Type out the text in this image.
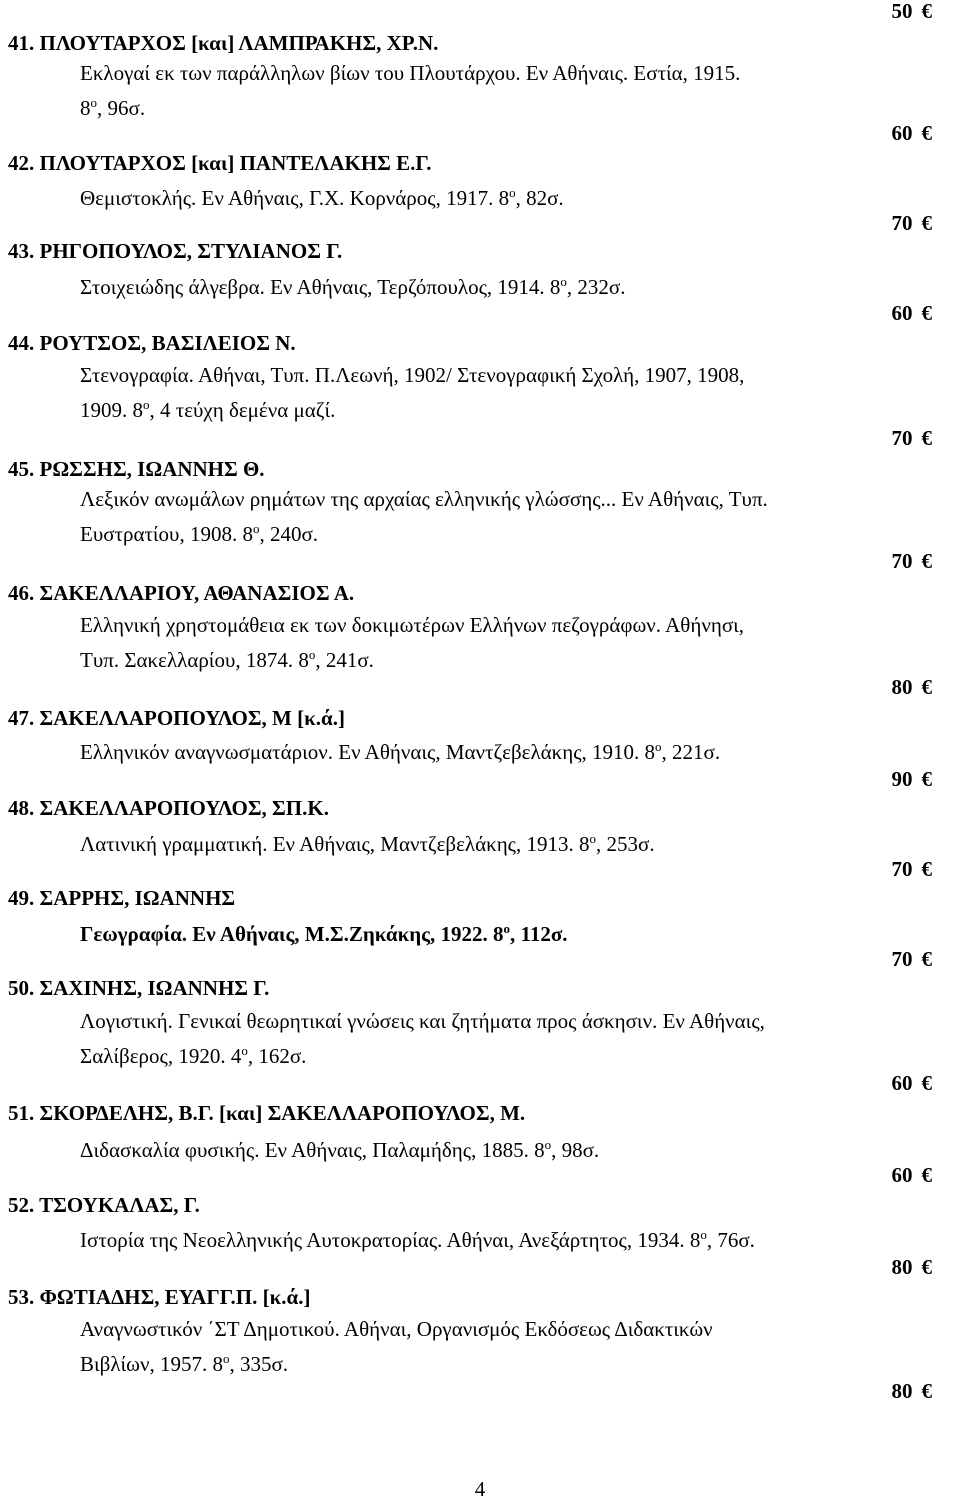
50 €
41. ΠΛΟΥΤΑΡΧΟΣ [και] ΛΑΜΠΡΑΚΗΣ, ΧΡ.Ν.
Εκλογαί εκ των παράλληλων βίων του Πλουτάρχου. Εν Αθήναις. Εστία, 1915.
$8^o$, 96σ.
60 €
42. ΠΛΟΥΤΑΡΧΟΣ [και] ΠΑΝΤΕΛΑΚΗΣ Ε.Γ.
Θεμιστοκλής. Εν Αθήναις, Γ.Χ. Κορνάρος, 1917. $8^o$, 82σ.
70 €
43. ΡΗΓΟΠΟΥΛΟΣ, ΣΤΥΛΙΑΝΟΣ Γ.
Στοιχειώδης άλγεβρα. Εν Αθήναις, Τερζόπουλος, 1914. $8^o$, 232σ.
60 €
44. ΡΟΥΤΣΟΣ, ΒΑΣΙΛΕΙΟΣ Ν.
Στενογραφία. Αθήναι, Τυπ. Π.Λεωνή, 1902/ Στενογραφική Σχολή, 1907, 1908,
1909. $8^o$, 4 τεύχη δεμένα μαζί.
70 €
45. ΡΩΣΣΗΣ, ΙΩΑΝΝΗΣ Θ.
Λεξικόν ανωμάλων ρημάτων της αρχαίας ελληνικής γλώσσης... Εν Αθήναις, Τυπ.
Ευστρατίου, 1908. $8^o$, 240σ.
70 €
46. ΣΑΚΕΛΛΑΡΙΟΥ, ΑΘΑΝΑΣΙΟΣ Α.
Ελληνική χρηστομάθεια εκ των δοκιμωτέρων Ελλήνων πεζογράφων. Αθήνησι,
Τυπ. Σακελλαρίου, 1874. $8^o$, 241σ.
80 €
47. ΣΑΚΕΛΛΑΡΟΠΟΥΛΟΣ, Μ [κ.ά.]
Ελληνικόν αναγνωσματάριον. Εν Αθήναις, Μαντζεβελάκης, 1910. $8^o$, 221σ.
90 €
48. ΣΑΚΕΛΛΑΡΟΠΟΥΛΟΣ, ΣΠ.Κ.
Λατινική γραμματική. Εν Αθήναις, Μαντζεβελάκης, 1913. $8^o$, 253σ.
70 €
49. ΣΑΡΡΗΣ, ΙΩΑΝΝΗΣ
Γεωγραφία. Εν Αθήναις, Μ.Σ.Ζηκάκης, 1922. $8^o$, 112σ.
70 €
50. ΣΑΧΙΝΗΣ, ΙΩΑΝΝΗΣ Γ.
Λογιστική. Γενικαί θεωρητικαί γνώσεις και ζητήματα προς άσκησιν. Εν Αθήναις,
Σαλίβερος, 1920. $4^o$, 162σ.
60 €
51. ΣΚΟΡΔΕΛΗΣ, Β.Γ. [και] ΣΑΚΕΛΛΑΡΟΠΟΥΛΟΣ, Μ.
Διδασκαλία φυσικής. Εν Αθήναις, Παλαμήδης, 1885. $8^o$, 98σ.
60 €
52. ΤΣΟΥΚΑΛΑΣ, Γ.
Ιστορία της Νεοελληνικής Αυτοκρατορίας. Αθήναι, Ανεξάρτητος, 1934. $8^o$, 76σ.
80 €
53. ΦΩΤΙΑΔΗΣ, ΕΥΑΓΓ.Π. [κ.ά.]
Αναγνωστικόν ΄ΣΤ Δημοτικού. Αθήναι, Οργανισμός Εκδόσεως Διδακτικών
Βιβλίων, 1957. $8^o$, 335σ.
80 €
4
